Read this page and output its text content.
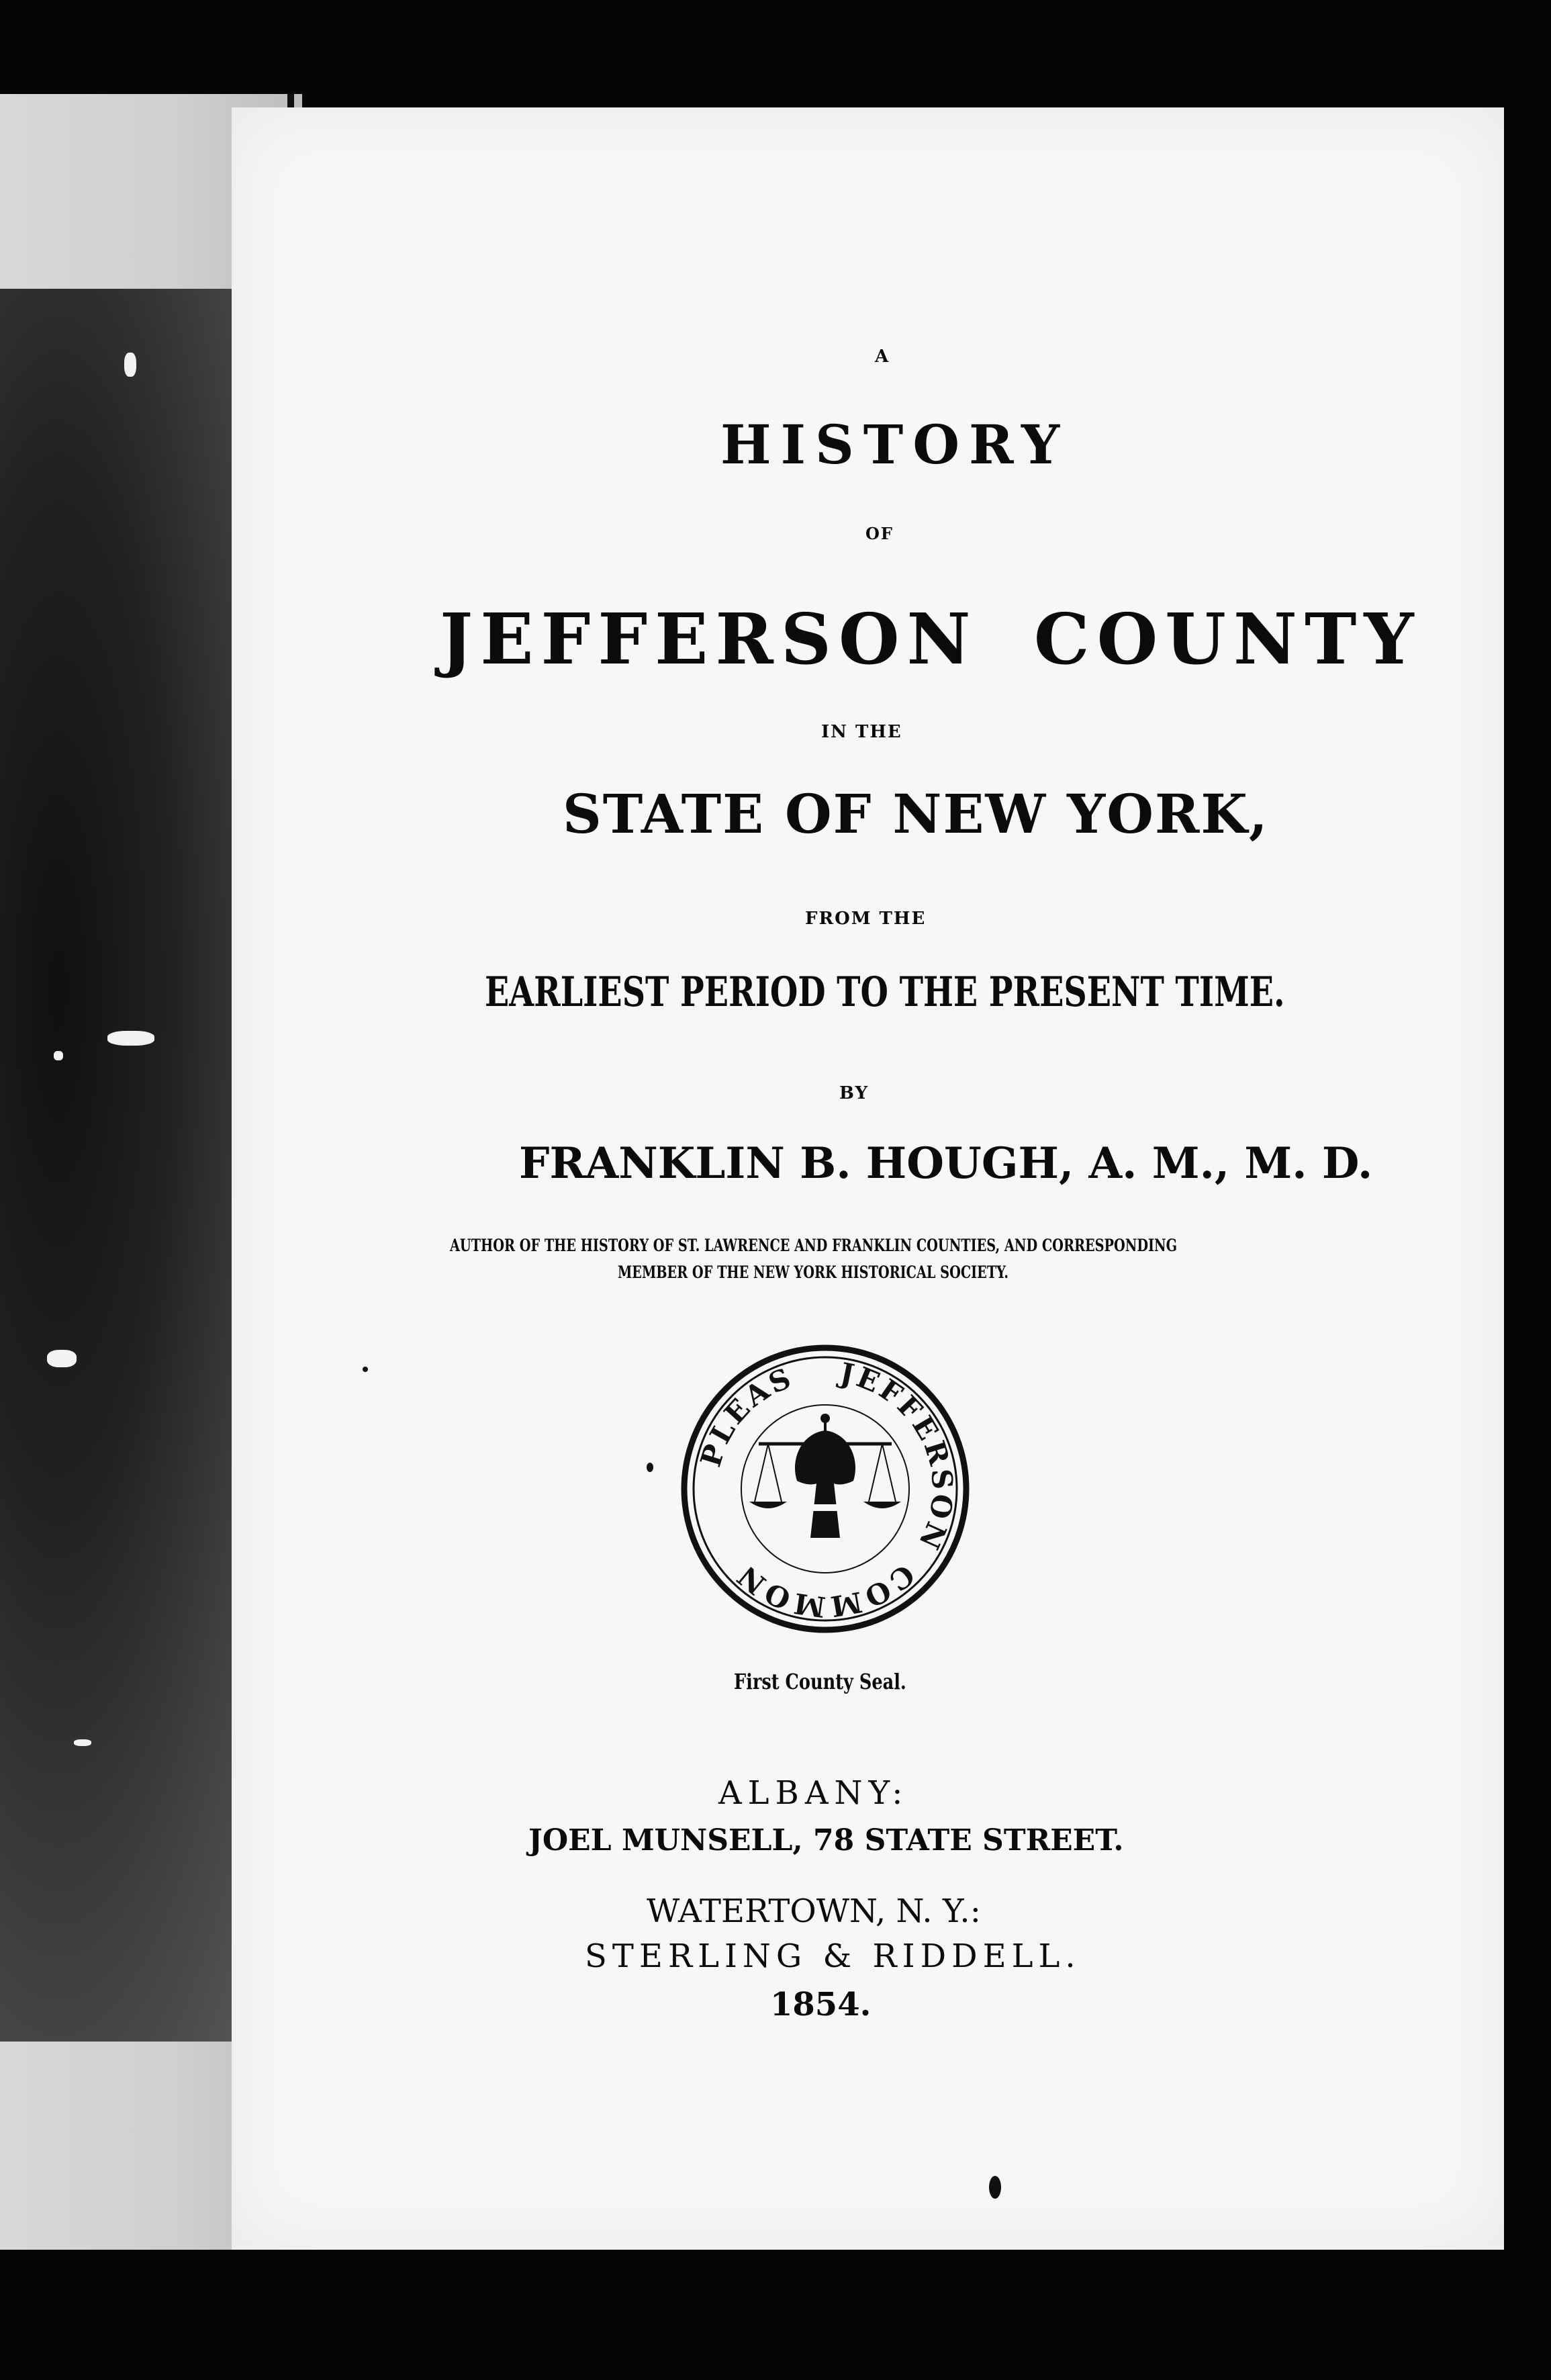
A
HISTORY
OF
JEFFERSON COUNTY
IN THE
STATE OF NEW YORK,
FROM THE
EARLIEST PERIOD TO THE PRESENT TIME.
BY
FRANKLIN B. HOUGH, A. M., M. D.
AUTHOR OF THE HISTORY OF ST. LAWRENCE AND FRANKLIN COUNTIES, AND CORRESPONDING
MEMBER OF THE NEW YORK HISTORICAL SOCIETY.
PLEAS JEFFERSON
COMMON
First County Seal.
ALBANY:
JOEL MUNSELL, 78 STATE STREET.
WATERTOWN, N. Y.:
STERLING & RIDDELL.
1854.
